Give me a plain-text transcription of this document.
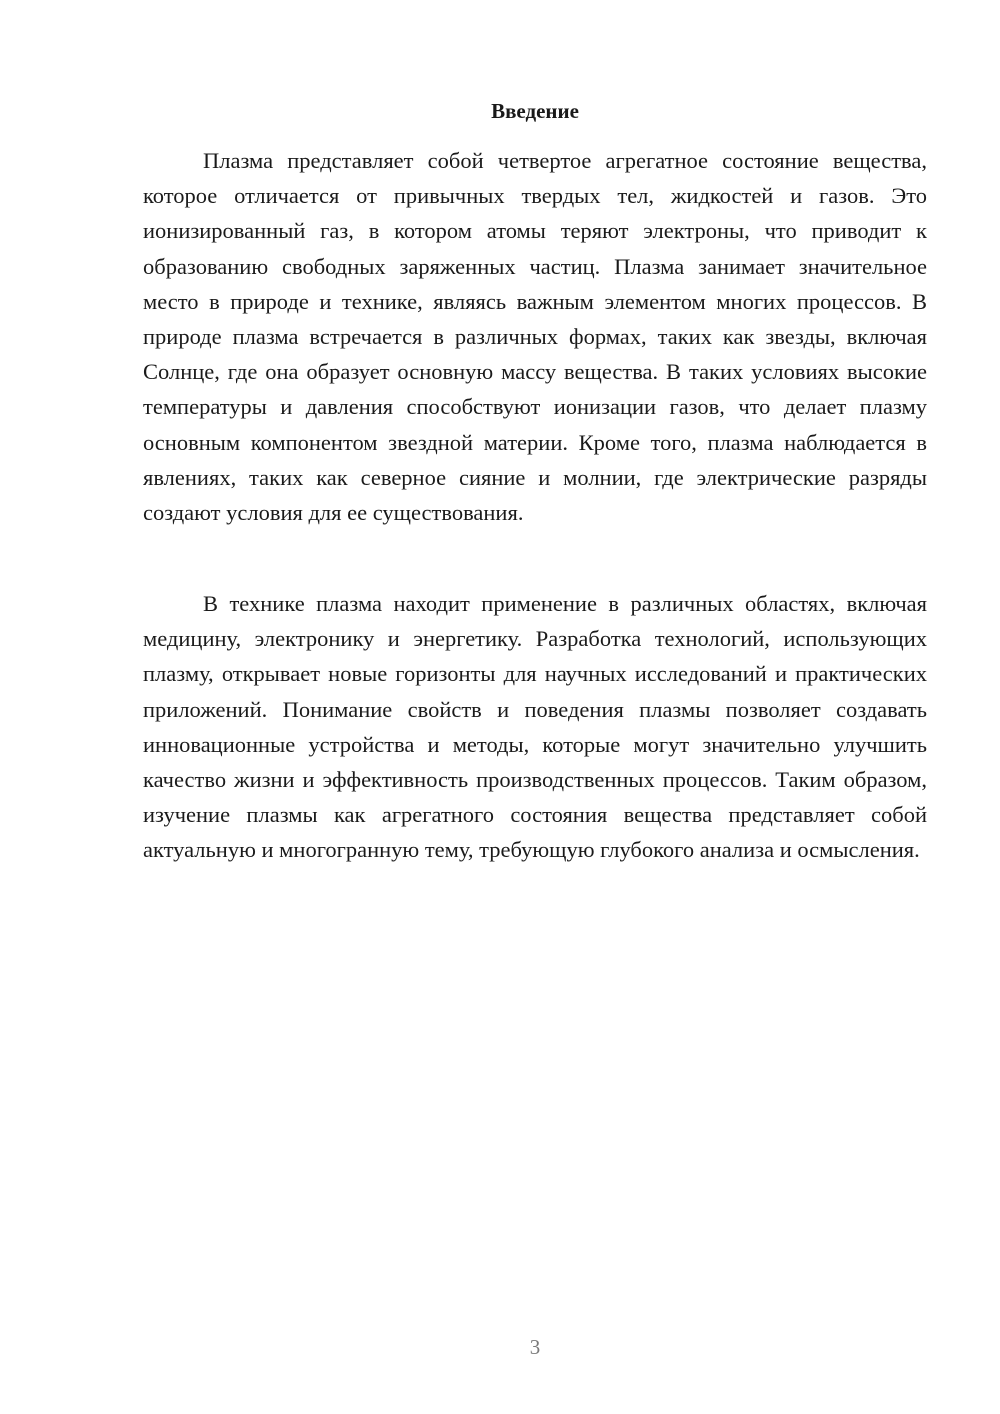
Введение

Плазма представляет собой четвертое агрегатное состояние вещества, которое отличается от привычных твердых тел, жидкостей и газов. Это ионизированный газ, в котором атомы теряют электроны, что приводит к образованию свободных заряженных частиц. Плазма занимает значительное место в природе и технике, являясь важным элементом многих процессов. В природе плазма встречается в различных формах, таких как звезды, включая Солнце, где она образует основную массу вещества. В таких условиях высокие температуры и давления способствуют ионизации газов, что делает плазму основным компонентом звездной материи. Кроме того, плазма наблюдается в явлениях, таких как северное сияние и молнии, где электрические разряды создают условия для ее существования.

В технике плазма находит применение в различных областях, включая медицину, электронику и энергетику. Разработка технологий, использующих плазму, открывает новые горизонты для научных исследований и практических приложений. Понимание свойств и поведения плазмы позволяет создавать инновационные устройства и методы, которые могут значительно улучшить качество жизни и эффективность производственных процессов. Таким образом, изучение плазмы как агрегатного состояния вещества представляет собой актуальную и многогранную тему, требующую глубокого анализа и осмысления.

3
